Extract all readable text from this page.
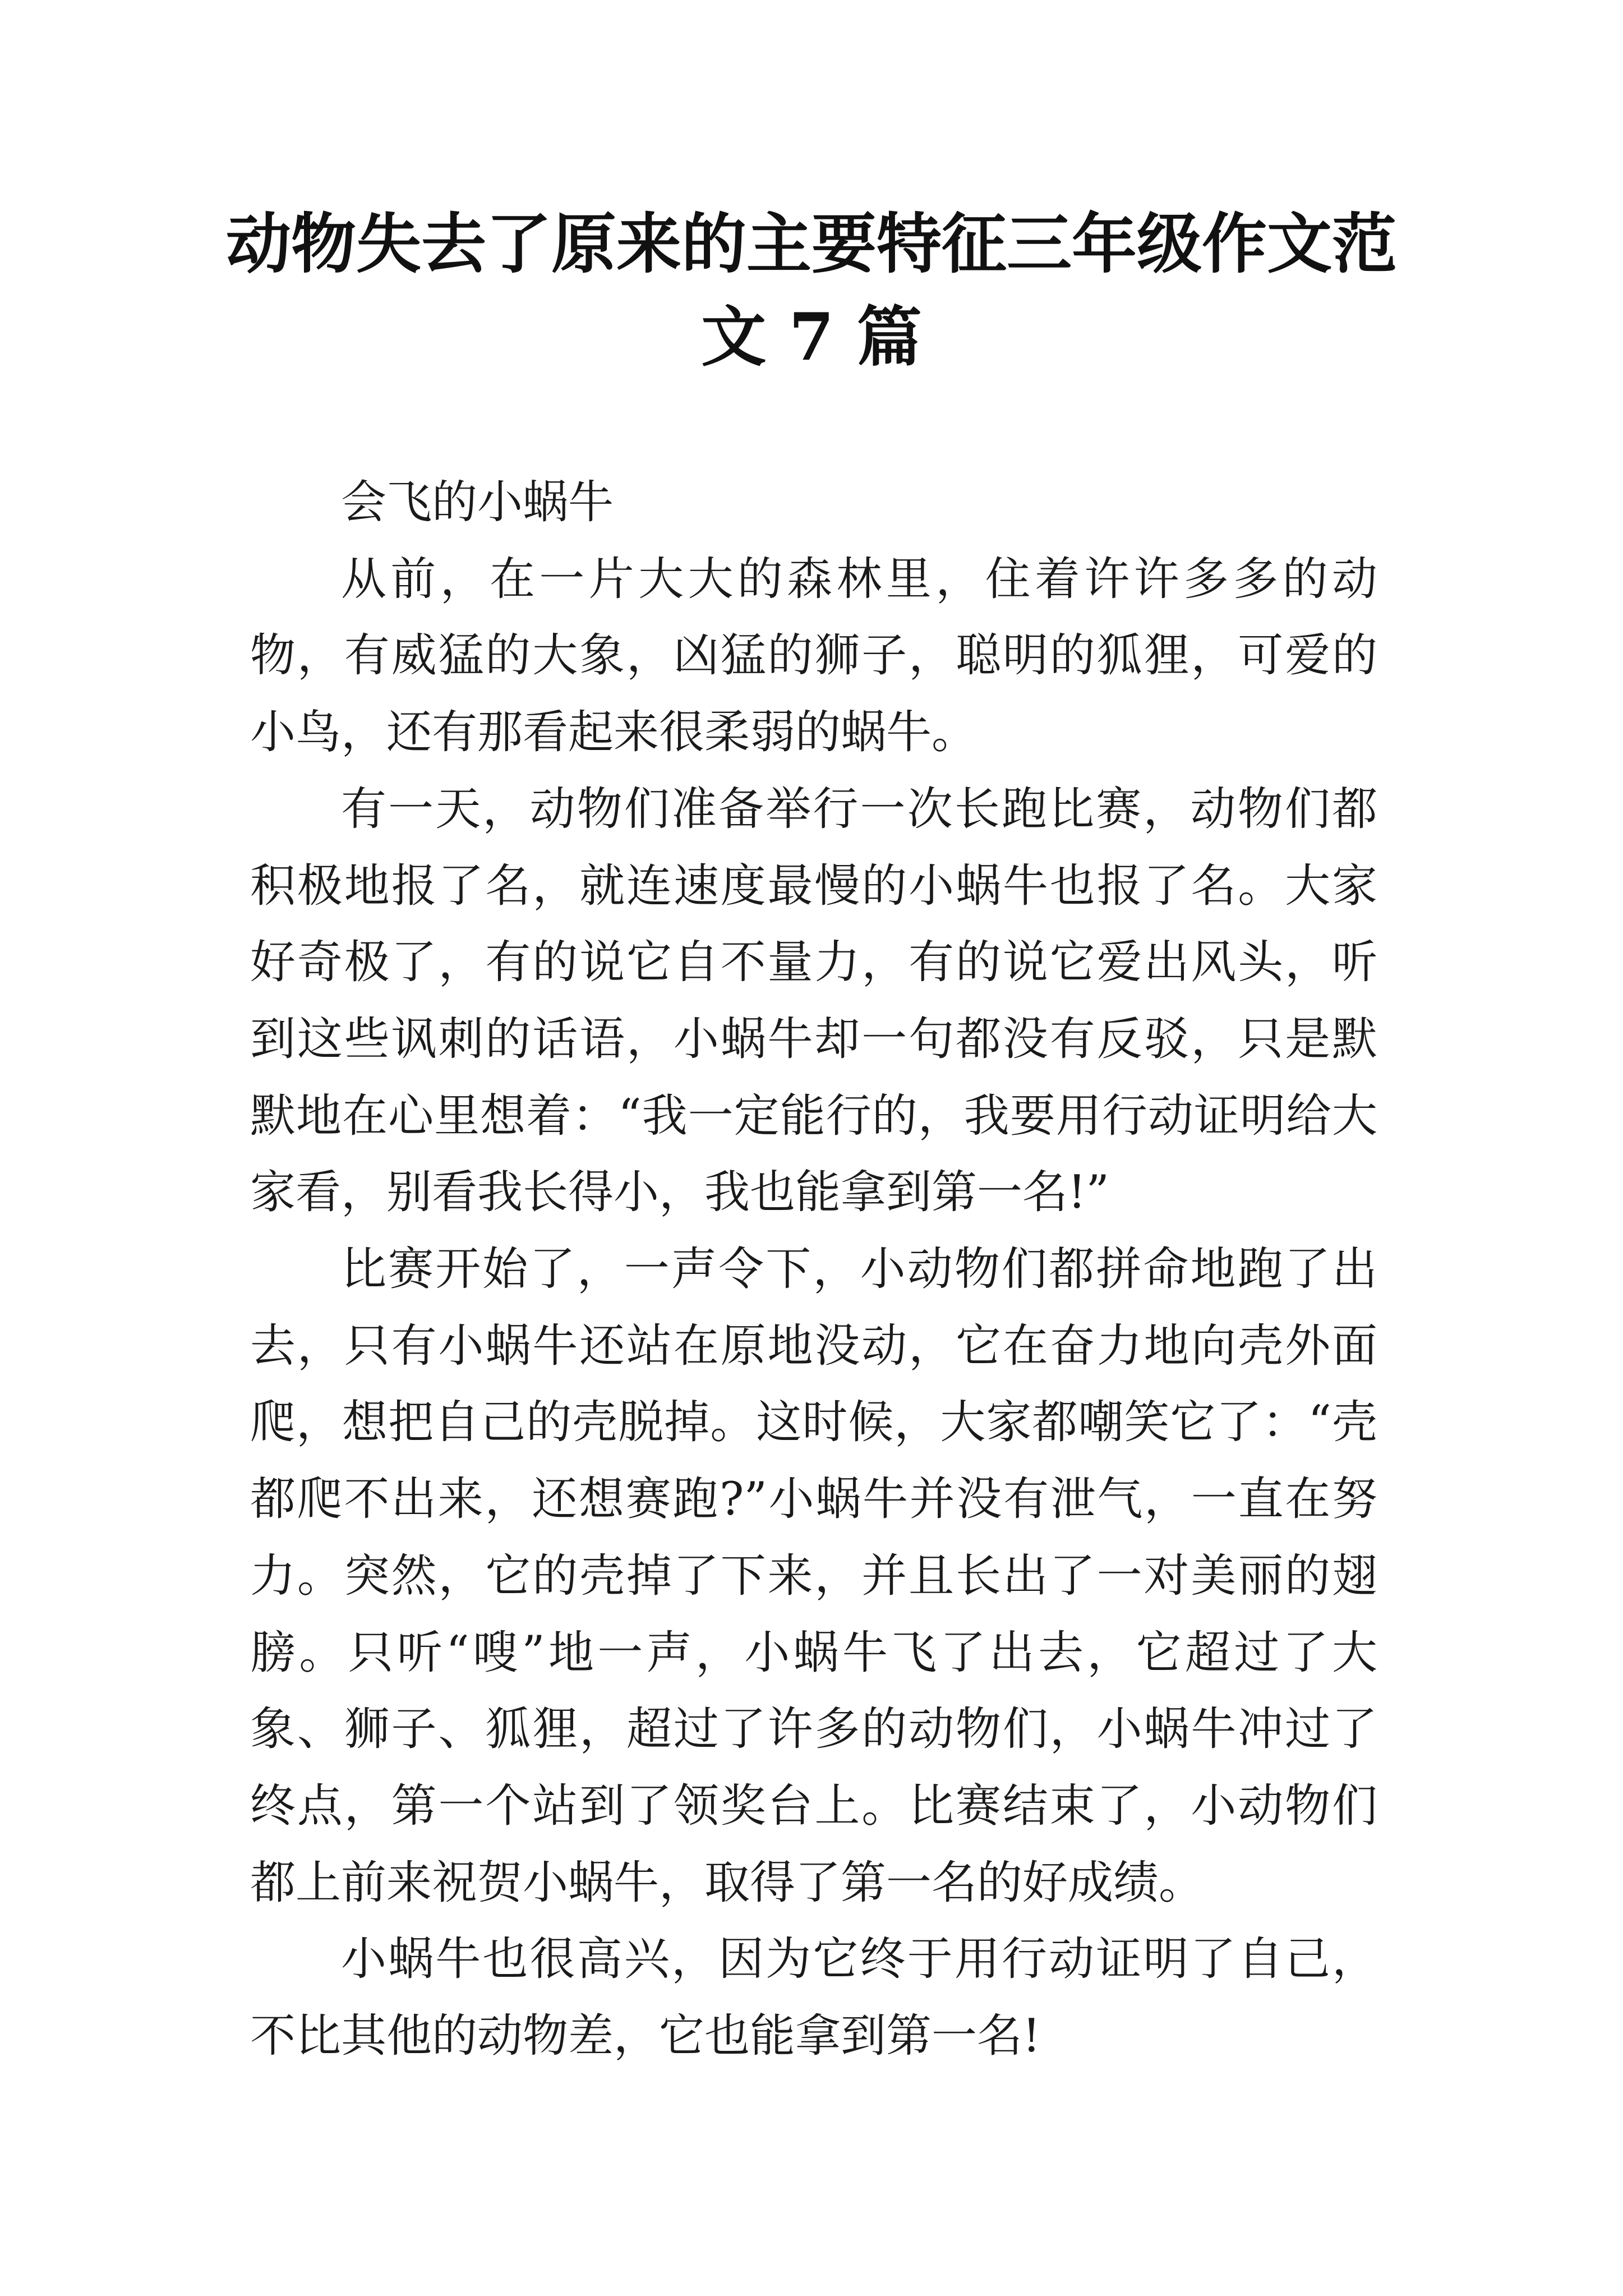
动物失去了原来的主要特征三年级作文范
文 7 篇

会飞的小蜗牛

从前，在一片大大的森林里，住着许许多多的动物，有威猛的大象，凶猛的狮子，聪明的狐狸，可爱的小鸟，还有那看起来很柔弱的蜗牛。

有一天，动物们准备举行一次长跑比赛，动物们都积极地报了名，就连速度最慢的小蜗牛也报了名。大家好奇极了，有的说它自不量力，有的说它爱出风头，听到这些讽刺的话语，小蜗牛却一句都没有反驳，只是默默地在心里想着：“我一定能行的，我要用行动证明给大家看，别看我长得小，我也能拿到第一名!”

比赛开始了，一声令下，小动物们都拼命地跑了出去，只有小蜗牛还站在原地没动，它在奋力地向壳外面爬，想把自己的壳脱掉。这时候，大家都嘲笑它了：“壳都爬不出来，还想赛跑?”小蜗牛并没有泄气，一直在努力。突然，它的壳掉了下来，并且长出了一对美丽的翅膀。只听“嗖”地一声，小蜗牛飞了出去，它超过了大象、狮子、狐狸，超过了许多的动物们，小蜗牛冲过了终点，第一个站到了领奖台上。比赛结束了，小动物们都上前来祝贺小蜗牛，取得了第一名的好成绩。

小蜗牛也很高兴，因为它终于用行动证明了自己，不比其他的动物差，它也能拿到第一名!
